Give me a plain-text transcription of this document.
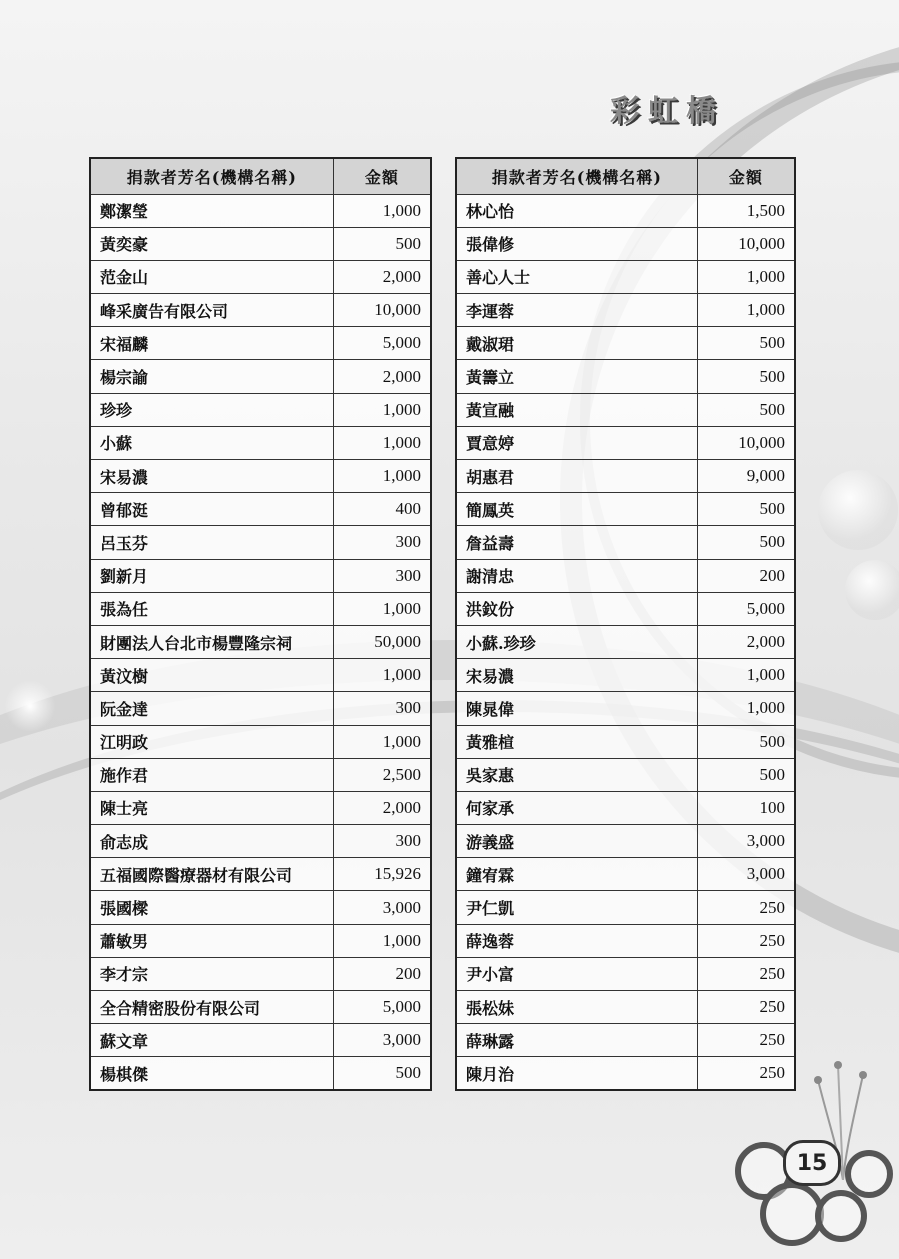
彩虹橋
捐款者芳名(機構名稱)	金額
鄭潔瑩	1,000
黃奕豪	500
范金山	2,000
峰采廣告有限公司	10,000
宋福麟	5,000
楊宗諭	2,000
珍珍	1,000
小蘇	1,000
宋易濃	1,000
曾郁涏	400
呂玉芬	300
劉新月	300
張為任	1,000
財團法人台北市楊豐隆宗祠	50,000
黃汶樹	1,000
阮金達	300
江明政	1,000
施作君	2,500
陳士亮	2,000
俞志成	300
五福國際醫療器材有限公司	15,926
張國樑	3,000
蕭敏男	1,000
李才宗	200
全合精密股份有限公司	5,000
蘇文章	3,000
楊棋傑	500
捐款者芳名(機構名稱)	金額
林心怡	1,500
張偉修	10,000
善心人士	1,000
李運蓉	1,000
戴淑珺	500
黃籌立	500
黃宣融	500
賈意婷	10,000
胡惠君	9,000
簡鳳英	500
詹益壽	500
謝清忠	200
洪鈫份	5,000
小蘇.珍珍	2,000
宋易濃	1,000
陳晁偉	1,000
黃雅楦	500
吳家惠	500
何家承	100
游義盛	3,000
鐘宥霖	3,000
尹仁凱	250
薛逸蓉	250
尹小富	250
張松妹	250
薛琳露	250
陳月治	250
15
